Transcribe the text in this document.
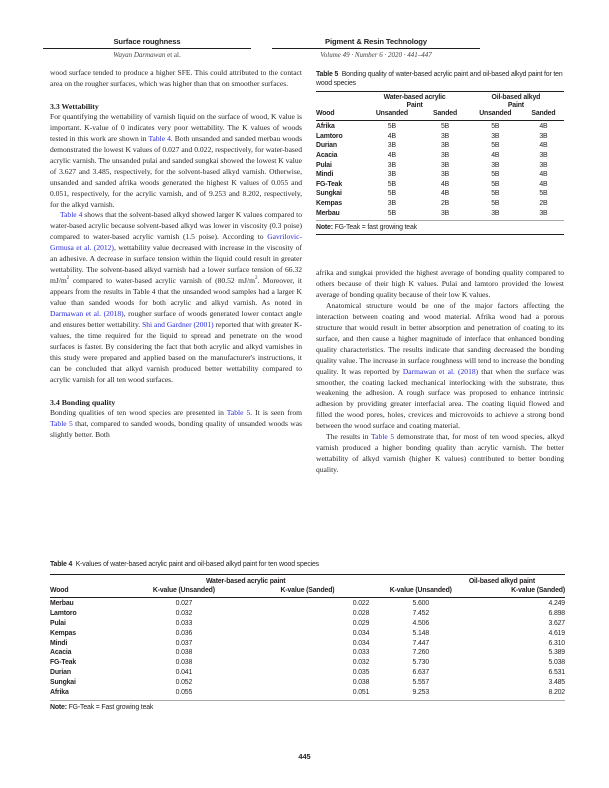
Surface roughness
Wayan Darmawan et al.
Pigment & Resin Technology
Volume 49 · Number 6 · 2020 · 441–447

wood surface tended to produce a higher SFE. This could attributed to the contact area on the rougher surfaces, which was higher than that on smoother surfaces.

3.3 Wettability

For quantifying the wettability of varnish liquid on the surface of wood, K value is important. K-value of 0 indicates very poor wettability. The K values of woods tested in this work are shown in Table 4. Both unsanded and sanded merbau woods demonstrated the lowest K values of 0.027 and 0.022, respectively, for water-based acrylic varnish. The unsanded pulai and sanded sungkai showed the lowest K value of 3.627 and 3.485, respectively, for the solvent-based alkyd varnish. Otherwise, unsanded and sanded afrika woods generated the highest K values of 0.055 and 0.051, respectively, for the acrylic varnish, and of 9.253 and 8.202, respectively, for the alkyd varnish.

Table 4 shows that the solvent-based alkyd showed larger K values compared to water-based acrylic because solvent-based alkyd was lower in viscosity (0.3 poise) compared to water-based acrylic varnish (1.5 poise). According to Gavrilovic-Grmusa et al. (2012), wettability value decreased with increase in the viscosity of an adhesive. A decrease in surface tension within the liquid could result in greater wettability. The solvent-based alkyd varnish had a lower surface tension of 66.32 $mJ/m^2$ compared to water-based acrylic varnish of (80.52 $mJ/m^2$. Moreover, it appears from the results in Table 4 that the unsanded wood samples had a larger K value than sanded woods for both acrylic and alkyd varnish. As noted in Darmawan et al. (2018), rougher surface of woods generated lower contact angle and ensures better wettability. Shi and Gardner (2001) reported that with greater K-values, the time required for the liquid to spread and penetrate on the wood surfaces is faster. By considering the fact that both acrylic and alkyd varnishes in this study were prepared and applied based on the manufacturer's instructions, it can be concluded that alkyd varnish produced better wettability compared to acrylic varnish for all ten wood surfaces.

3.4 Bonding quality

Bonding qualities of ten wood species are presented in Table 5. It is seen from Table 5 that, compared to sanded woods, bonding quality of unsanded woods was slightly better. Both

Table 5 Bonding quality of water-based acrylic paint and oil-based alkyd paint for ten wood species
	Water-based acrylic
Paint		Oil-based alkyd
Paint	
Wood	Unsanded	Sanded	Unsanded	Sanded
Afrika	5B	5B	5B	4B
Lamtoro	4B	3B	3B	3B
Durian	3B	3B	5B	4B
Acacia	4B	3B	4B	3B
Pulai	3B	3B	3B	3B
Mindi	3B	3B	5B	4B
FG-Teak	5B	4B	5B	4B
Sungkai	5B	4B	5B	5B
Kempas	3B	2B	5B	2B
Merbau	5B	3B	3B	3B
Note: FG-Teak = fast growing teak

afrika and sungkai provided the highest average of bonding quality compared to others because of their high K values. Pulai and lamtoro provided the lowest average of bonding quality because of their low K values.

Anatomical structure would be one of the major factors affecting the interaction between coating and wood material. Afrika wood had a porous structure that would result in better absorption and penetration of coating to its surface, and then cause a higher magnitude of interface that enhanced bonding quality characteristics. The results indicate that sanding decreased the bonding quality value. The increase in surface roughness will tend to increase the bonding quality. It was reported by Darmawan et al. (2018) that when the surface was smoother, the coating lacked mechanical interlocking with the substrate, thus weakening the adhesion. A rough surface was proposed to enhance intrinsic adhesion by providing greater interfacial area. The coating liquid flowed and filled the wood pores, holes, crevices and microvoids to achieve a strong bond between the wood surface and coating material.

The results in Table 5 demonstrate that, for most of ten wood species, alkyd varnish produced a higher bonding quality than acrylic varnish. The better wettability of alkyd varnish (higher K values) contributed to better bonding quality.

Table 4 K-values of water-based acrylic paint and oil-based alkyd paint for ten wood species
	Water-based acrylic paint		Oil-based alkyd paint	
Wood	K-value (Unsanded)	K-value (Sanded)	K-value (Unsanded)	K-value (Sanded)
Merbau	0.027	0.022	5.600	4.249
Lamtoro	0.032	0.028	7.452	6.898
Pulai	0.033	0.029	4.506	3.627
Kempas	0.036	0.034	5.148	4.619
Mindi	0.037	0.034	7.447	6.310
Acacia	0.038	0.033	7.260	5.389
FG-Teak	0.038	0.032	5.730	5.038
Durian	0.041	0.035	6.637	6.531
Sungkai	0.052	0.038	5.557	3.485
Afrika	0.055	0.051	9.253	8.202
Note: FG-Teak = Fast growing teak
445
